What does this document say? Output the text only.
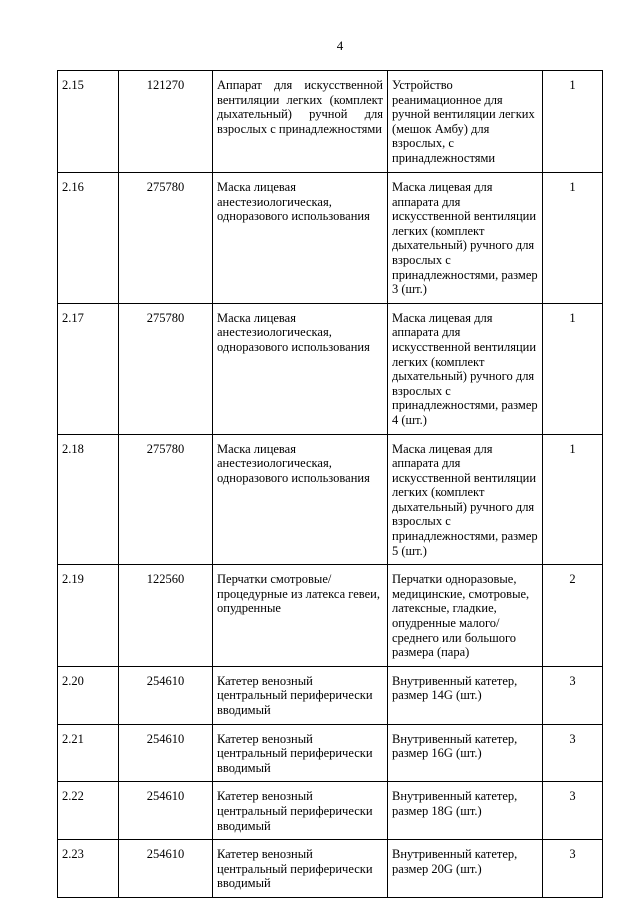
4
2.15	121270	Аппарат для искусственной вентиляции легких (комплект дыхательный) ручной для взрослых с принадлежностями	Устройство реанимационное для ручной вентиляции легких (мешок Амбу) для взрослых, с принадлежностями	1
2.16	275780	Маска лицевая анестезиологическая, одноразового использования	Маска лицевая для аппарата для искусственной вентиляции легких (комплект дыхательный) ручного для взрослых с принадлежностями, размер 3 (шт.)	1
2.17	275780	Маска лицевая анестезиологическая, одноразового использования	Маска лицевая для аппарата для искусственной вентиляции легких (комплект дыхательный) ручного для взрослых с принадлежностями, размер 4 (шт.)	1
2.18	275780	Маска лицевая анестезиологическая, одноразового использования	Маска лицевая для аппарата для искусственной вентиляции легких (комплект дыхательный) ручного для взрослых с принадлежностями, размер 5 (шт.)	1
2.19	122560	Перчатки смотровые/процедурные из латекса гевеи, опудренные	Перчатки одноразовые, медицинские, смотровые, латексные, гладкие, опудренные малого/среднего или большого размера (пара)	2
2.20	254610	Катетер венозный центральный периферически вводимый	Внутривенный катетер, размер 14G (шт.)	3
2.21	254610	Катетер венозный центральный периферически вводимый	Внутривенный катетер, размер 16G (шт.)	3
2.22	254610	Катетер венозный центральный периферически вводимый	Внутривенный катетер, размер 18G (шт.)	3
2.23	254610	Катетер венозный центральный периферически вводимый	Внутривенный катетер, размер 20G (шт.)	3
